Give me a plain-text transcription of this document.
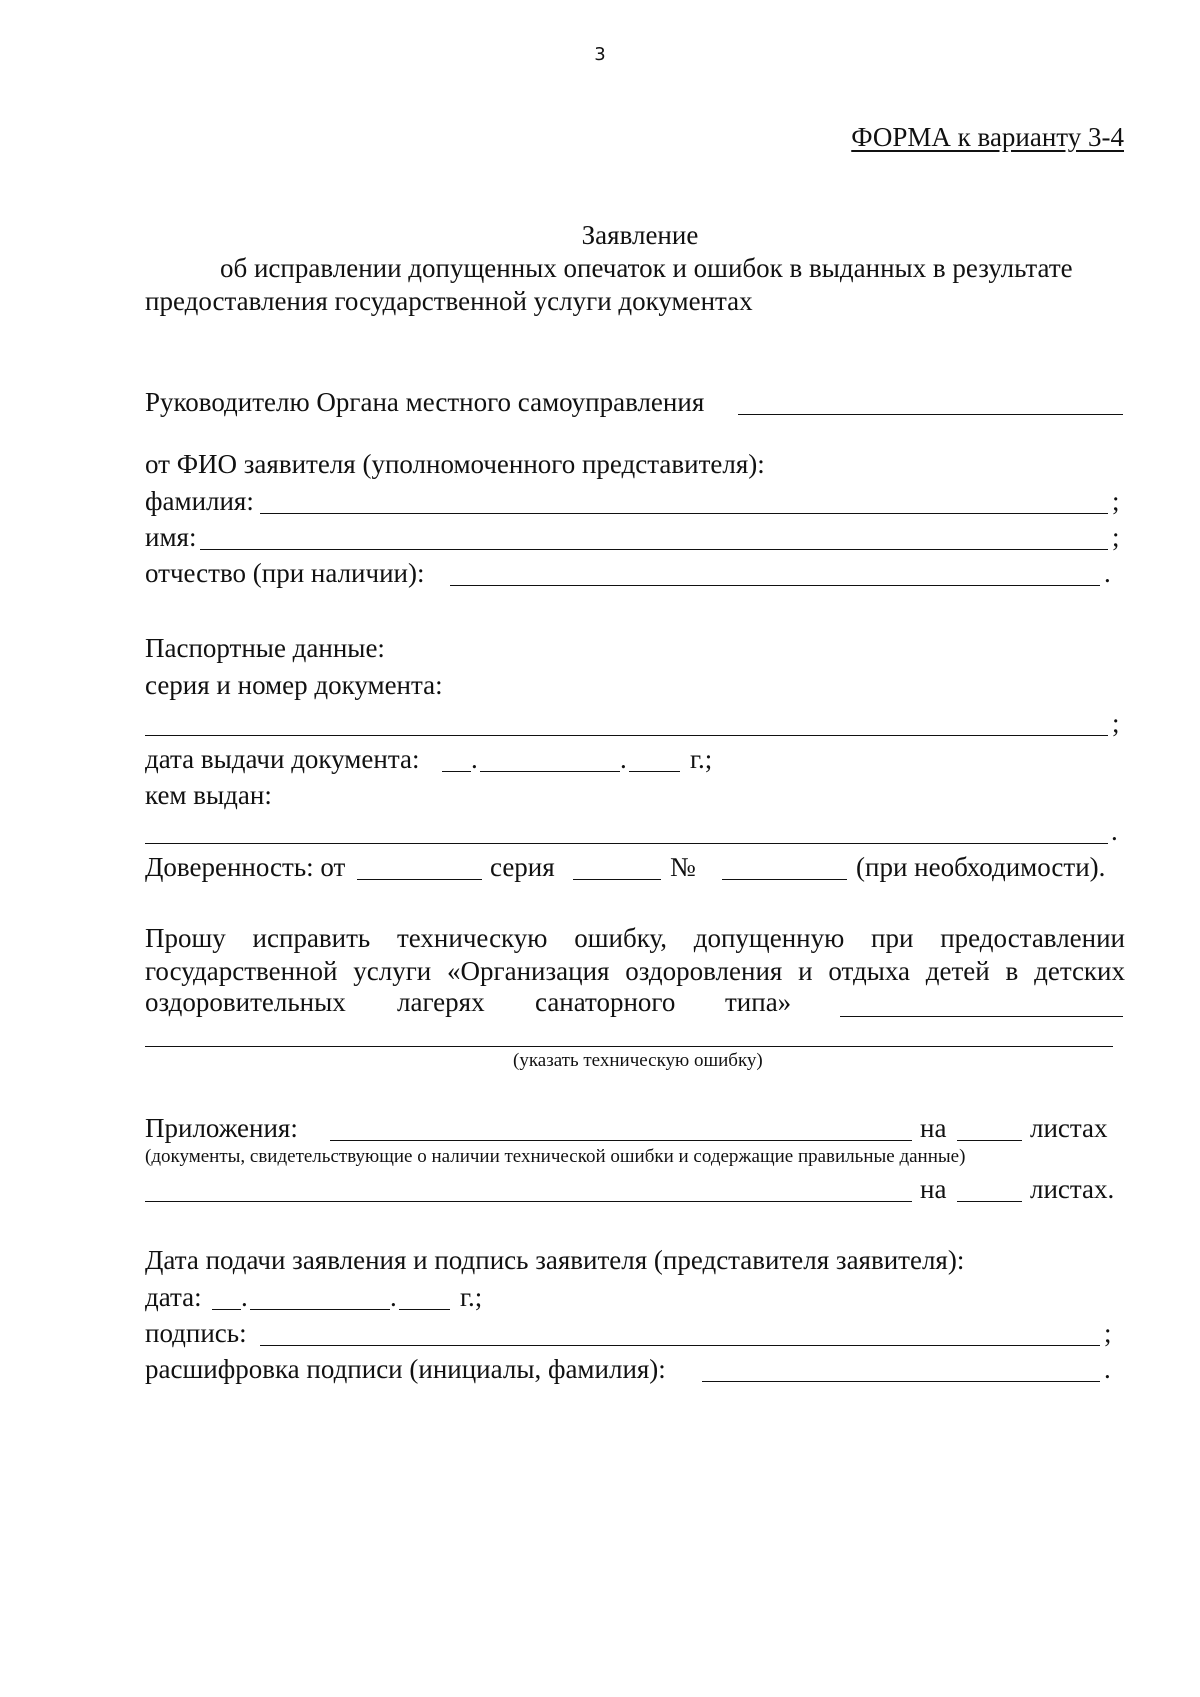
3
ФОРМА к варианту 3-4
Заявление
об исправлении допущенных опечаток и ошибок в выданных в результате
предоставления государственной услуги документах
Руководителю Органа местного самоуправления
от ФИО заявителя (уполномоченного представителя):
фамилия:	;
имя:	;
отчество (при наличии):	.
Паспортные данные:
серия и номер документа:
;
дата выдачи документа: .	. г.;
кем выдан:
.
Доверенность: от	серия	№	(при необходимости).
Прошу исправить техническую ошибку, допущенную при предоставлении
государственной услуги «Организация оздоровления и отдыха детей в детских
оздоровительных лагерях санаторного типа»
(указать техническую ошибку)
Приложения:	на	листах
(документы, свидетельствующие о наличии технической ошибки и содержащие правильные данные)
на	листах.
Дата подачи заявления и подпись заявителя (представителя заявителя):
дата: .	. г.;
подпись:	;
расшифровка подписи (инициалы, фамилия):	.
